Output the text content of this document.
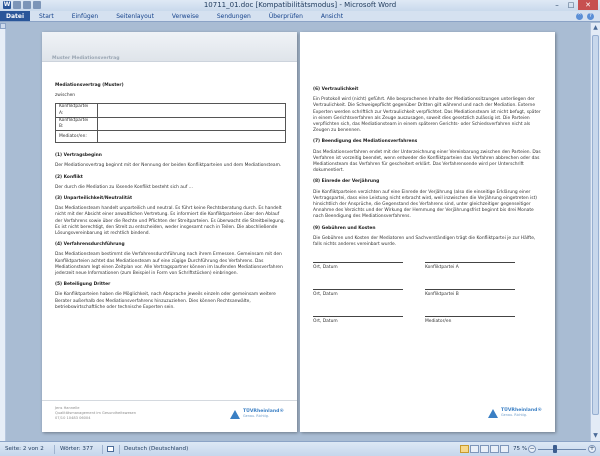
W	10711_01.doc [Kompatibilitätsmodus] - Microsoft Word	–	□	✕
Datei	Start	Einfügen	Seitenlayout	Verweise	Sendungen	Überprüfen	Ansicht	^	?
▲
▼
Muster Mediationsvertrag

Mediationsvertrag (Muster)

zwischen

Konfliktpartei A:	
Konfliktpartei B:	
Mediator/en:	

(1) Vertragsbeginn

Der Mediationsvertrag beginnt mit der Nennung der beiden Konfliktparteien und dem Mediationsteam.

(2) Konflikt

Der durch die Mediation zu lösende Konflikt besteht sich auf ...

(3) Unparteilichkeit/Neutralität

Das Mediationsteam handelt unparteilich und neutral. Es führt keine Rechtsberatung durch. Es handelt nicht mit der Absicht einer anwaltlichen Vertretung. Es informiert die Konfliktparteien über den Ablauf der Verfahrens sowie über die Rechte und Pflichten der Streitparteien. Es überwacht die Streitbeilegung. Es ist nicht berechtigt, den Streit zu entscheiden, weder insgesamt noch in Teilen. Die abschließende Lösungsvereinbarung ist rechtlich bindend.

(4) Verfahrensdurchführung

Das Mediationsteam bestimmt die Verfahrensdurchführung nach ihrem Ermessen. Gemeinsam mit den Konfliktparteien achtet das Mediationsteam auf eine zügige Durchführung des Verfahrens. Das Mediationsteam legt einen Zeitplan vor. Alle Vertragspartner können im laufenden Mediationsverfahren jederzeit neue Informationen (zum Beispiel in Form von Schriftstücken) einbringen.

(5) Beteiligung Dritter

Die Konfliktparteien haben die Möglichkeit, nach Absprache jeweils einzeln oder gemeinsam weitere Berater außerhalb des Mediationsverfahrens hinzuzuziehen. Dies können Rechtsanwälte, betriebswirtschaftliche oder technische Experten sein.

Jens Hannelle
Qualitätsmanagement im Gesundheitswesen
07/10 10483 06004
TÜVRheinland®
Genau. Richtig.

(6) Vertraulichkeit

Ein Protokoll wird (nicht) geführt. Alle besprochenen Inhalte der Mediationssitzungen unterliegen der Vertraulichkeit. Die Schweigepflicht gegenüber Dritten gilt während und nach der Mediation. Externe Experten werden schriftlich zur Vertraulichkeit verpflichtet. Das Mediationsteam ist nicht befugt, später in einem Gerichtsverfahren als Zeuge auszusagen, soweit dies gesetzlich zulässig ist. Die Parteien verpflichten sich, das Mediationsteam in einem späteren Gerichts- oder Schiedsverfahren nicht als Zeugen zu benennen.

(7) Beendigung des Mediationsverfahrens

Das Mediationsverfahren endet mit der Unterzeichnung einer Vereinbarung zwischen den Parteien. Das Verfahren ist vorzeitig beendet, wenn entweder die Konfliktparteien das Verfahren abbrechen oder das Mediationsteam das Verfahren für gescheitert erklärt. Das Verfahrensende wird per Unterschrift dokumentiert.

(8) Einrede der Verjährung

Die Konfliktparteien verzichten auf eine Einrede der Verjährung (also die einseitige Erklärung einer Vertragspartei, dass eine Leistung nicht erbracht wird, weil inzwischen die Verjährung eingetreten ist) hinsichtlich der Ansprüche, die Gegenstand des Verfahrens sind, unter gleichzeitiger gegenseitiger Annahme des Verzichts und der Wirkung der Hemmung der Verjährungsfrist beginnt bis drei Monate nach Beendigung des Mediationsverfahrens.

(9) Gebühren und Kosten

Die Gebühren und Kosten der Mediatoren und Sachverständigen trägt die Konfliktpartei je zur Hälfte, falls nichts anderes vereinbart wurde.

Ort, Datum	Konfliktpartei A
Ort, Datum	Konfliktpartei B
Ort, Datum	Mediator/en
TÜVRheinland®
Genau. Richtig.
Seite: 2 von 2	Wörter: 377	Deutsch (Deutschland)	75 % −	+
